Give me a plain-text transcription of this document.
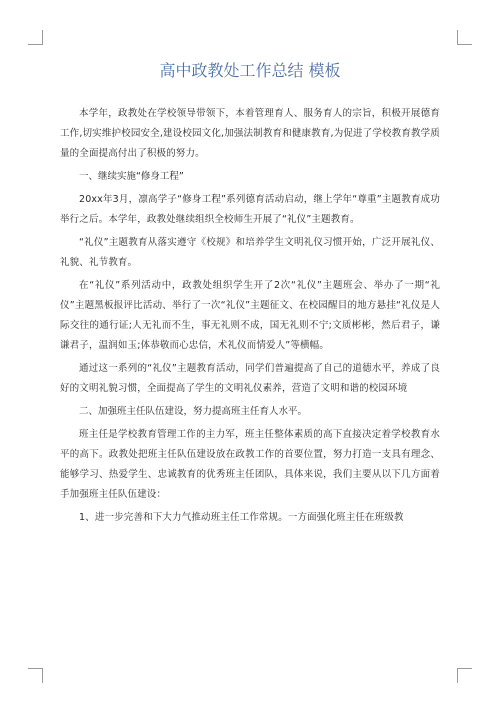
高中政教处工作总结 模板

本学年，政教处在学校领导带领下，本着管理育人、服务育人的宗旨，积极开展德育工作,切实维护校园安全,建设校园文化,加强法制教育和健康教育,为促进了学校教育教学质量的全面提高付出了积极的努力。

一、继续实施“修身工程”

20xx年3月，凛高学子“修身工程”系列德育活动启动，继上学年“尊重”主题教育成功举行之后。本学年，政教处继续组织全校师生开展了“礼仪”主题教育。

“礼仪”主题教育从落实遵守《校规》和培养学生文明礼仪习惯开始，广泛开展礼仪、礼貌、礼节教育。

在“礼仪”系列活动中，政教处组织学生开了2次“礼仪”主题班会、举办了一期“礼仪”主题黑板报评比活动、举行了一次“礼仪”主题征文、在校园醒目的地方悬挂“礼仪是人际交往的通行证;人无礼而不生，事无礼则不成，国无礼则不宁;文质彬彬，然后君子，谦谦君子，温润如玉;体恭敬而心忠信，术礼仪而情爱人”等横幅。

通过这一系列的“礼仪”主题教育活动，同学们普遍提高了自己的道德水平，养成了良好的文明礼貌习惯，全面提高了学生的文明礼仪素养，营造了文明和谐的校园环境

二、加强班主任队伍建设，努力提高班主任育人水平。

班主任是学校教育管理工作的主力军，班主任整体素质的高下直接决定着学校教育水平的高下。政教处把班主任队伍建设放在政教工作的首要位置，努力打造一支具有理念、能够学习、热爱学生、忠诚教育的优秀班主任团队，具体来说，我们主要从以下几方面着手加强班主任队伍建设：

1、进一步完善和下大力气推动班主任工作常规。一方面强化班主任在班级教
